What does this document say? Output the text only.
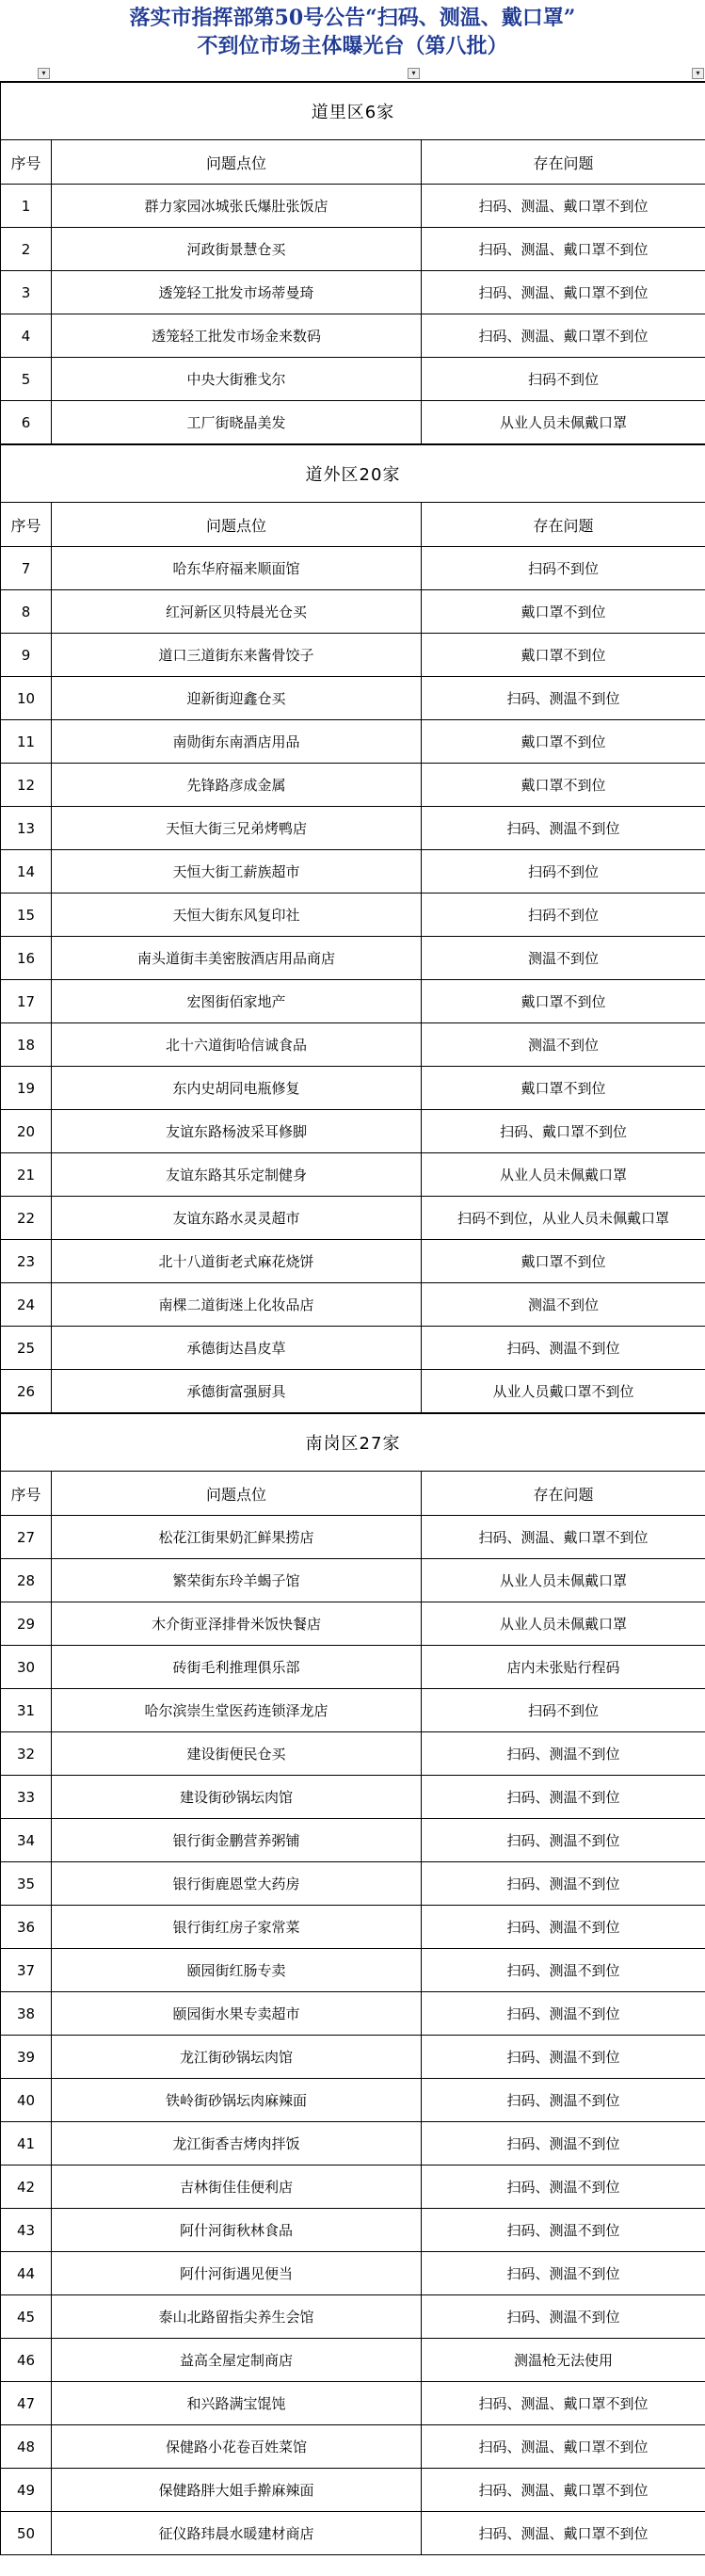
落实市指挥部第50号公告“扫码、测温、戴口罩”
不到位市场主体曝光台（第八批）
▾	▾	▾
道里区6家		
序号	问题点位	存在问题
1	群力家园冰城张氏爆肚张饭店	扫码、测温、戴口罩不到位
2	河政街景慧仓买	扫码、测温、戴口罩不到位
3	透笼轻工批发市场蒂曼琦	扫码、测温、戴口罩不到位
4	透笼轻工批发市场金来数码	扫码、测温、戴口罩不到位
5	中央大街雅戈尔	扫码不到位
6	工厂街晓晶美发	从业人员未佩戴口罩
道外区20家		
序号	问题点位	存在问题
7	哈东华府福来顺面馆	扫码不到位
8	红河新区贝特晨光仓买	戴口罩不到位
9	道口三道街东来酱骨饺子	戴口罩不到位
10	迎新街迎鑫仓买	扫码、测温不到位
11	南勋街东南酒店用品	戴口罩不到位
12	先锋路彦成金属	戴口罩不到位
13	天恒大街三兄弟烤鸭店	扫码、测温不到位
14	天恒大街工薪族超市	扫码不到位
15	天恒大街东风复印社	扫码不到位
16	南头道街丰美密胺酒店用品商店	测温不到位
17	宏图街佰家地产	戴口罩不到位
18	北十六道街哈信诚食品	测温不到位
19	东内史胡同电瓶修复	戴口罩不到位
20	友谊东路杨波采耳修脚	扫码、戴口罩不到位
21	友谊东路其乐定制健身	从业人员未佩戴口罩
22	友谊东路水灵灵超市	扫码不到位，从业人员未佩戴口罩
23	北十八道街老式麻花烧饼	戴口罩不到位
24	南棵二道街迷上化妆品店	测温不到位
25	承德街达昌皮草	扫码、测温不到位
26	承德街富强厨具	从业人员戴口罩不到位
南岗区27家		
序号	问题点位	存在问题
27	松花江街果奶汇鲜果捞店	扫码、测温、戴口罩不到位
28	繁荣街东玲羊蝎子馆	从业人员未佩戴口罩
29	木介街亚泽排骨米饭快餐店	从业人员未佩戴口罩
30	砖街毛利推理俱乐部	店内未张贴行程码
31	哈尔滨崇生堂医药连锁泽龙店	扫码不到位
32	建设街便民仓买	扫码、测温不到位
33	建设街砂锅坛肉馆	扫码、测温不到位
34	银行街金鹏营养粥铺	扫码、测温不到位
35	银行街鹿恩堂大药房	扫码、测温不到位
36	银行街红房子家常菜	扫码、测温不到位
37	颐园街红肠专卖	扫码、测温不到位
38	颐园街水果专卖超市	扫码、测温不到位
39	龙江街砂锅坛肉馆	扫码、测温不到位
40	铁岭街砂锅坛肉麻辣面	扫码、测温不到位
41	龙江街香吉烤肉拌饭	扫码、测温不到位
42	吉林街佳佳便利店	扫码、测温不到位
43	阿什河街秋林食品	扫码、测温不到位
44	阿什河街遇见便当	扫码、测温不到位
45	泰山北路留指尖养生会馆	扫码、测温不到位
46	益高全屋定制商店	测温枪无法使用
47	和兴路满宝馄饨	扫码、测温、戴口罩不到位
48	保健路小花卷百姓菜馆	扫码、测温、戴口罩不到位
49	保健路胖大姐手擀麻辣面	扫码、测温、戴口罩不到位
50	征仪路玮晨水暖建材商店	扫码、测温、戴口罩不到位
